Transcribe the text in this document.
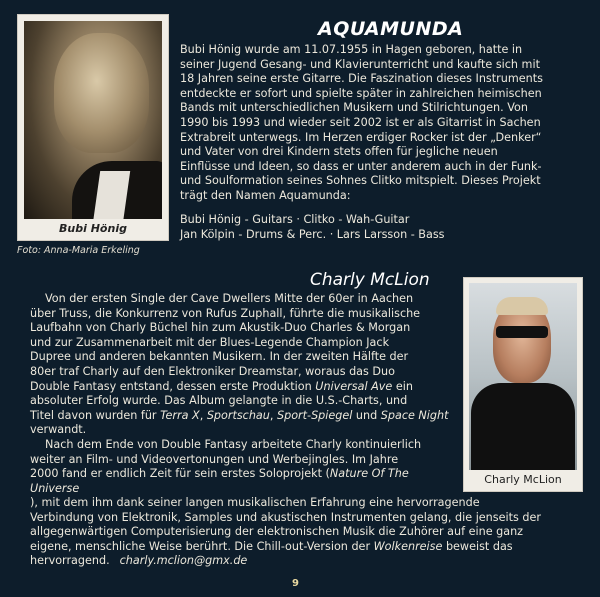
Bubi Hönig
Foto: Anna-Maria Erkeling
AQUAMUNDA
Bubi Hönig wurde am 11.07.1955 in Hagen geboren, hatte in
seiner Jugend Gesang- und Klavierunterricht und kaufte sich mit
18 Jahren seine erste Gitarre. Die Faszination dieses Instruments
entdeckte er sofort und spielte später in zahlreichen heimischen
Bands mit unterschiedlichen Musikern und Stilrichtungen. Von
1990 bis 1993 und wieder seit 2002 ist er als Gitarrist in Sachen
Extrabreit unterwegs. Im Herzen erdiger Rocker ist der „Denker“
und Vater von drei Kindern stets offen für jegliche neuen
Einflüsse und Ideen, so dass er unter anderem auch in der Funk-
und Soulformation seines Sohnes Clitko mitspielt. Dieses Projekt
trägt den Namen Aquamunda:
Bubi Hönig - Guitars · Clitko - Wah-Guitar
Jan Kölpin - Drums & Perc. · Lars Larsson - Bass
Charly McLion
Charly McLion
Von der ersten Single der Cave Dwellers Mitte der 60er in Aachen
über Truss, die Konkurrenz von Rufus Zuphall, führte die musikalische
Laufbahn von Charly Büchel hin zum Akustik-Duo Charles & Morgan
und zur Zusammenarbeit mit der Blues-Legende Champion Jack
Dupree und anderen bekannten Musikern. In der zweiten Hälfte der
80er traf Charly auf den Elektroniker Dreamstar, woraus das Duo
Double Fantasy entstand, dessen erste Produktion Universal Ave ein
absoluter Erfolg wurde. Das Album gelangte in die U.S.-Charts, und
Titel davon wurden für Terra X, Sportschau, Sport-Spiegel und Space Night verwandt.
Nach dem Ende von Double Fantasy arbeitete Charly kontinuierlich
weiter an Film- und Videovertonungen und Werbejingles. Im Jahre
2000 fand er endlich Zeit für sein erstes Soloprojekt (Nature Of The Universe
), mit dem ihm dank seiner langen musikalischen Erfahrung eine hervorragende
Verbindung von Elektronik, Samples und akustischen Instrumenten gelang, die jenseits der
allgegenwärtigen Computerisierung der elektronischen Musik die Zuhörer auf eine ganz
eigene, menschliche Weise berührt. Die Chill-out-Version der Wolkenreise beweist das
hervorragend. charly.mclion@gmx.de
9
